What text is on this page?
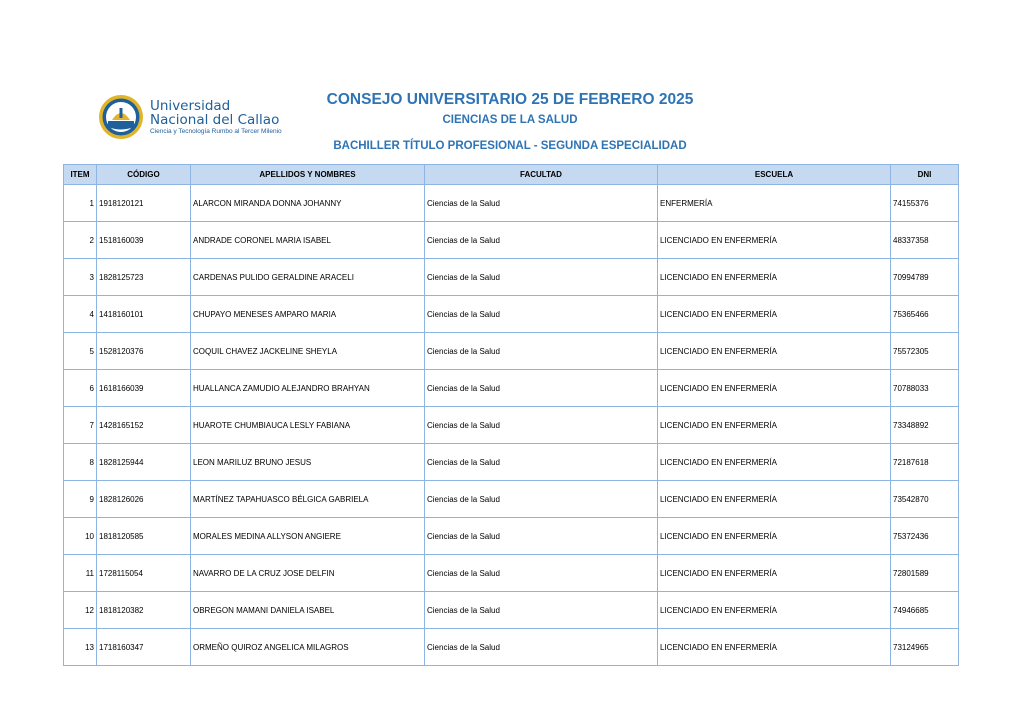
Universidad
Nacional del Callao
Ciencia y Tecnología Rumbo al Tercer Milenio
CONSEJO UNIVERSITARIO 25 DE FEBRERO 2025
CIENCIAS DE LA SALUD
BACHILLER TÍTULO PROFESIONAL - SEGUNDA ESPECIALIDAD
ITEM	CÓDIGO	APELLIDOS Y NOMBRES	FACULTAD	ESCUELA	DNI
1	1918120121	ALARCON MIRANDA DONNA JOHANNY	Ciencias de la Salud	ENFERMERÍA	74155376
2	1518160039	ANDRADE CORONEL MARIA ISABEL	Ciencias de la Salud	LICENCIADO EN ENFERMERÍA	48337358
3	1828125723	CARDENAS PULIDO GERALDINE ARACELI	Ciencias de la Salud	LICENCIADO EN ENFERMERÍA	70994789
4	1418160101	CHUPAYO MENESES AMPARO MARIA	Ciencias de la Salud	LICENCIADO EN ENFERMERÍA	75365466
5	1528120376	COQUIL CHAVEZ JACKELINE SHEYLA	Ciencias de la Salud	LICENCIADO EN ENFERMERÍA	75572305
6	1618166039	HUALLANCA ZAMUDIO ALEJANDRO BRAHYAN	Ciencias de la Salud	LICENCIADO EN ENFERMERÍA	70788033
7	1428165152	HUAROTE CHUMBIAUCA LESLY FABIANA	Ciencias de la Salud	LICENCIADO EN ENFERMERÍA	73348892
8	1828125944	LEON MARILUZ BRUNO JESUS	Ciencias de la Salud	LICENCIADO EN ENFERMERÍA	72187618
9	1828126026	MARTÍNEZ TAPAHUASCO BÉLGICA GABRIELA	Ciencias de la Salud	LICENCIADO EN ENFERMERÍA	73542870
10	1818120585	MORALES MEDINA ALLYSON ANGIERE	Ciencias de la Salud	LICENCIADO EN ENFERMERÍA	75372436
11	1728115054	NAVARRO DE LA CRUZ JOSE DELFIN	Ciencias de la Salud	LICENCIADO EN ENFERMERÍA	72801589
12	1818120382	OBREGON MAMANI DANIELA ISABEL	Ciencias de la Salud	LICENCIADO EN ENFERMERÍA	74946685
13	1718160347	ORMEÑO QUIROZ ANGELICA MILAGROS	Ciencias de la Salud	LICENCIADO EN ENFERMERÍA	73124965
